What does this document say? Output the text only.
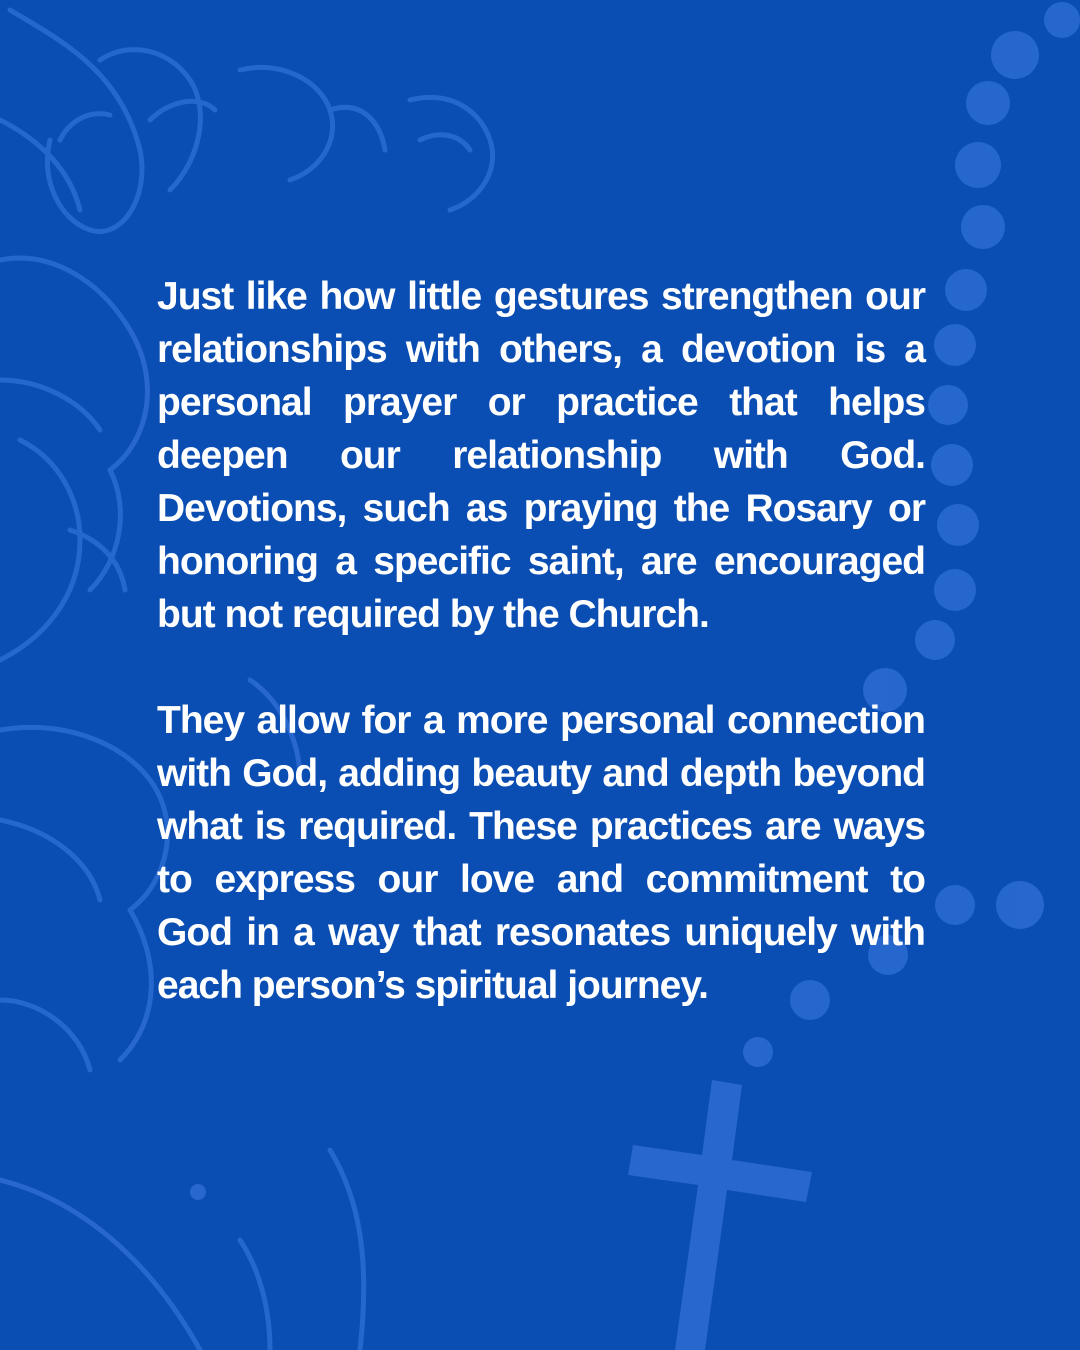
Just like how little gestures strengthen our relationships with others, a devotion is a personal prayer or practice that helps deepen our relationship with God. Devotions, such as praying the Rosary or honoring a specific saint, are encouraged but not required by the Church.

They allow for a more personal connection with God, adding beauty and depth beyond what is required. These practices are ways to express our love and commitment to God in a way that resonates uniquely with each person’s spiritual journey.
